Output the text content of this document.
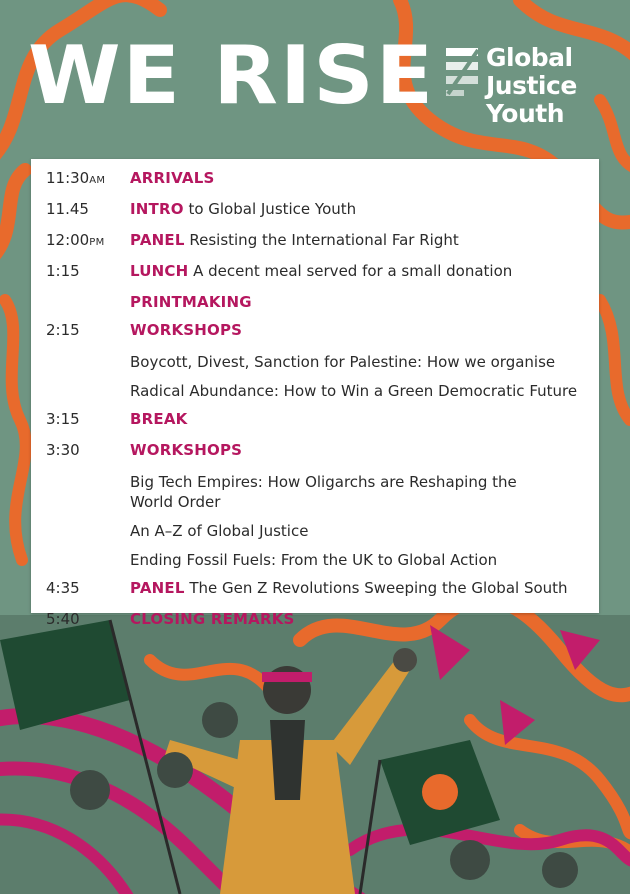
WE RISE Global
Justice
Youth
11:30AM	ARRIVALS
11.45	INTRO to Global Justice Youth
12:00PM	PANEL Resisting the International Far Right
1:15	LUNCH A decent meal served for a small donation
PRINTMAKING
2:15	WORKSHOPS
Boycott, Divest, Sanction for Palestine: How we organise
Radical Abundance: How to Win a Green Democratic Future
3:15	BREAK
3:30	WORKSHOPS
Big Tech Empires: How Oligarchs are Reshaping the World Order
An A–Z of Global Justice
Ending Fossil Fuels: From the UK to Global Action
4:35	PANEL The Gen Z Revolutions Sweeping the Global South
5:40	CLOSING REMARKS
